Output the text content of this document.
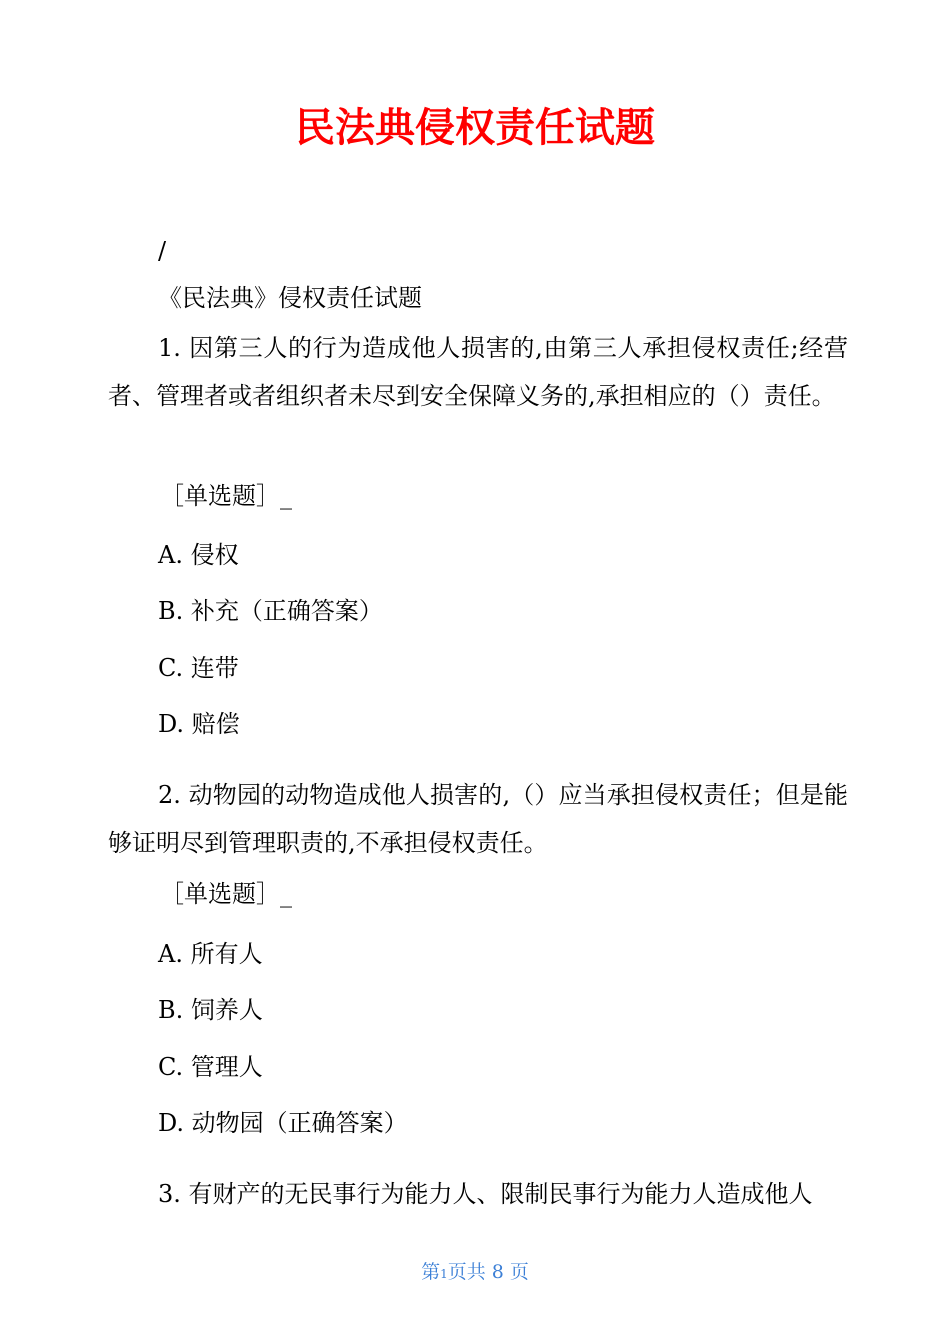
民法典侵权责任试题
/
《民法典》侵权责任试题
1. 因第三人的行为造成他人损害的,由第三人承担侵权责任;经营者、管理者或者组织者未尽到安全保障义务的,承担相应的（）责任。
［单选题］_
A. 侵权
B. 补充（正确答案）
C. 连带
D. 赔偿
2. 动物园的动物造成他人损害的,（）应当承担侵权责任；但是能够证明尽到管理职责的,不承担侵权责任。
［单选题］_
A. 所有人
B. 饲养人
C. 管理人
D. 动物园（正确答案）
3. 有财产的无民事行为能力人、限制民事行为能力人造成他人
第1页共 8 页
